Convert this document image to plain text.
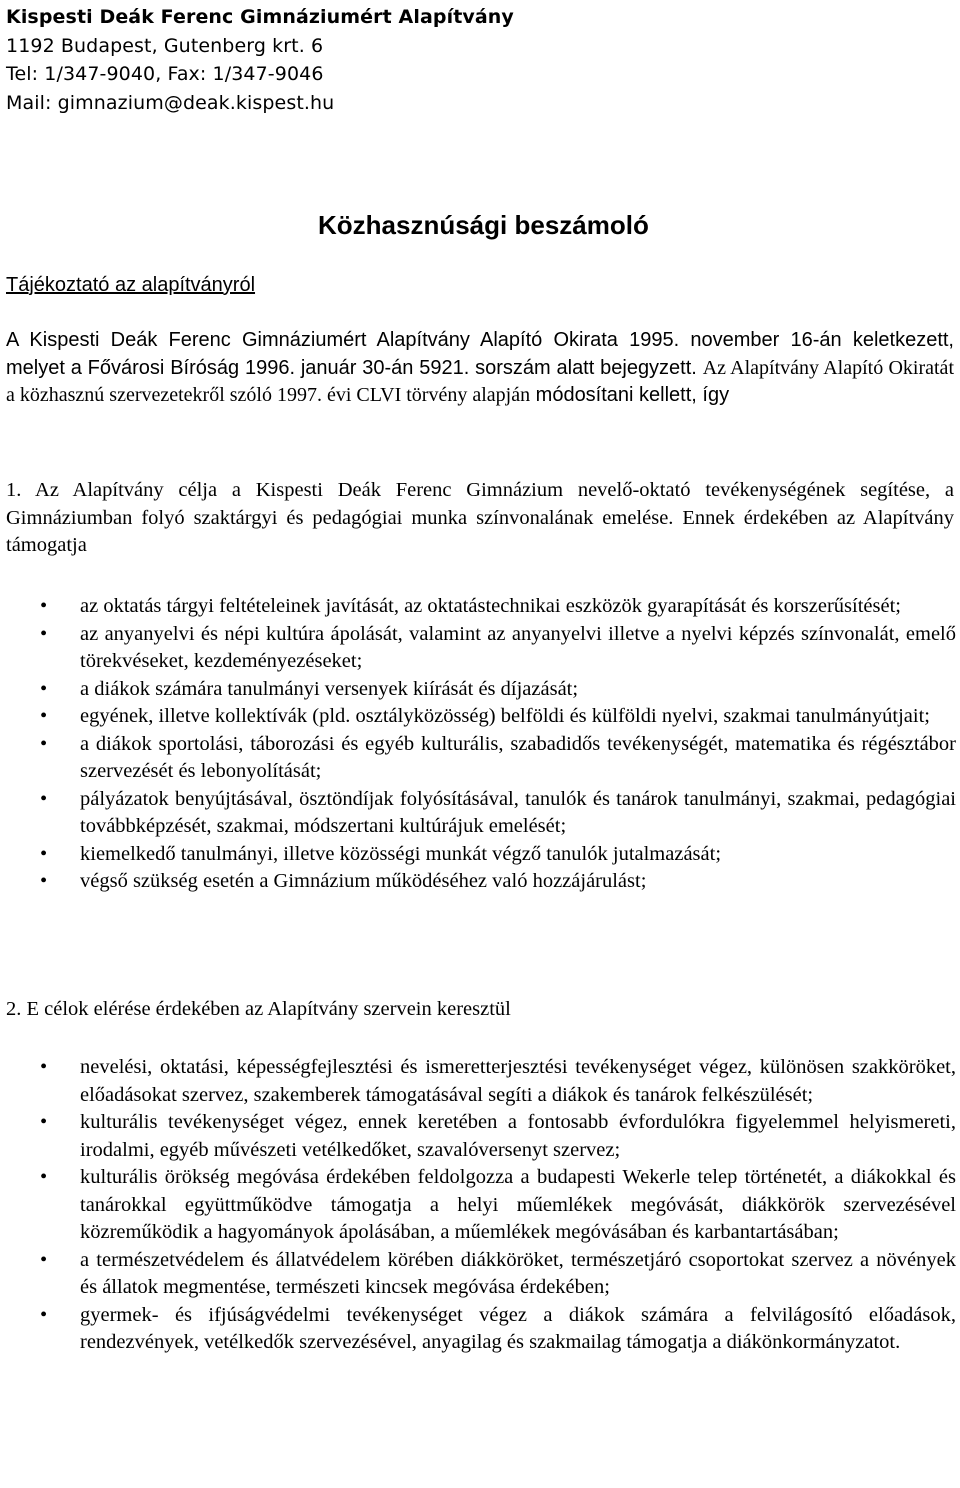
Kispesti Deák Ferenc Gimnáziumért Alapítvány
1192 Budapest, Gutenberg krt. 6
Tel: 1/347-9040, Fax: 1/347-9046
Mail: gimnazium@deak.kispest.hu
Közhasznúsági beszámoló
Tájékoztató az alapítványról

A Kispesti Deák Ferenc Gimnáziumért Alapítvány Alapító Okirata 1995. november 16-án keletkezett, melyet a Fővárosi Bíróság 1996. január 30-án 5921. sorszám alatt bejegyzett. Az Alapítvány Alapító Okiratát a közhasznú szervezetekről szóló 1997. évi CLVI törvény alapján módosítani kellett, így

1. Az Alapítvány célja a Kispesti Deák Ferenc Gimnázium nevelő-oktató tevékenységének segítése, a Gimnáziumban folyó szaktárgyi és pedagógiai munka színvonalának emelése. Ennek érdekében az Alapítvány támogatja

• az oktatás tárgyi feltételeinek javítását, az oktatástechnikai eszközök gyarapítását és korszerűsítését;
• az anyanyelvi és népi kultúra ápolását, valamint az anyanyelvi illetve a nyelvi képzés színvonalát, emelő törekvéseket, kezdeményezéseket;
• a diákok számára tanulmányi versenyek kiírását és díjazását;
• egyének, illetve kollektívák (pld. osztályközösség) belföldi és külföldi nyelvi, szakmai tanulmányútjait;
• a diákok sportolási, táborozási és egyéb kulturális, szabadidős tevékenységét, matematika és régésztábor szervezését és lebonyolítását;
• pályázatok benyújtásával, ösztöndíjak folyósításával, tanulók és tanárok tanulmányi, szakmai, pedagógiai továbbképzését, szakmai, módszertani kultúrájuk emelését;
• kiemelkedő tanulmányi, illetve közösségi munkát végző tanulók jutalmazását;
• végső szükség esetén a Gimnázium működéséhez való hozzájárulást;

2. E célok elérése érdekében az Alapítvány szervein keresztül

• nevelési, oktatási, képességfejlesztési és ismeretterjesztési tevékenységet végez, különösen szakköröket, előadásokat szervez, szakemberek támogatásával segíti a diákok és tanárok felkészülését;
• kulturális tevékenységet végez, ennek keretében a fontosabb évfordulókra figyelemmel helyismereti, irodalmi, egyéb művészeti vetélkedőket, szavalóversenyt szervez;
• kulturális örökség megóvása érdekében feldolgozza a budapesti Wekerle telep történetét, a diákokkal és tanárokkal együttműködve támogatja a helyi műemlékek megóvását, diákkörök szervezésével közreműködik a hagyományok ápolásában, a műemlékek megóvásában és karbantartásában;
• a természetvédelem és állatvédelem körében diákköröket, természetjáró csoportokat szervez a növények és állatok megmentése, természeti kincsek megóvása érdekében;
• gyermek- és ifjúságvédelmi tevékenységet végez a diákok számára a felvilágosító előadások, rendezvények, vetélkedők szervezésével, anyagilag és szakmailag támogatja a diákönkormányzatot.
